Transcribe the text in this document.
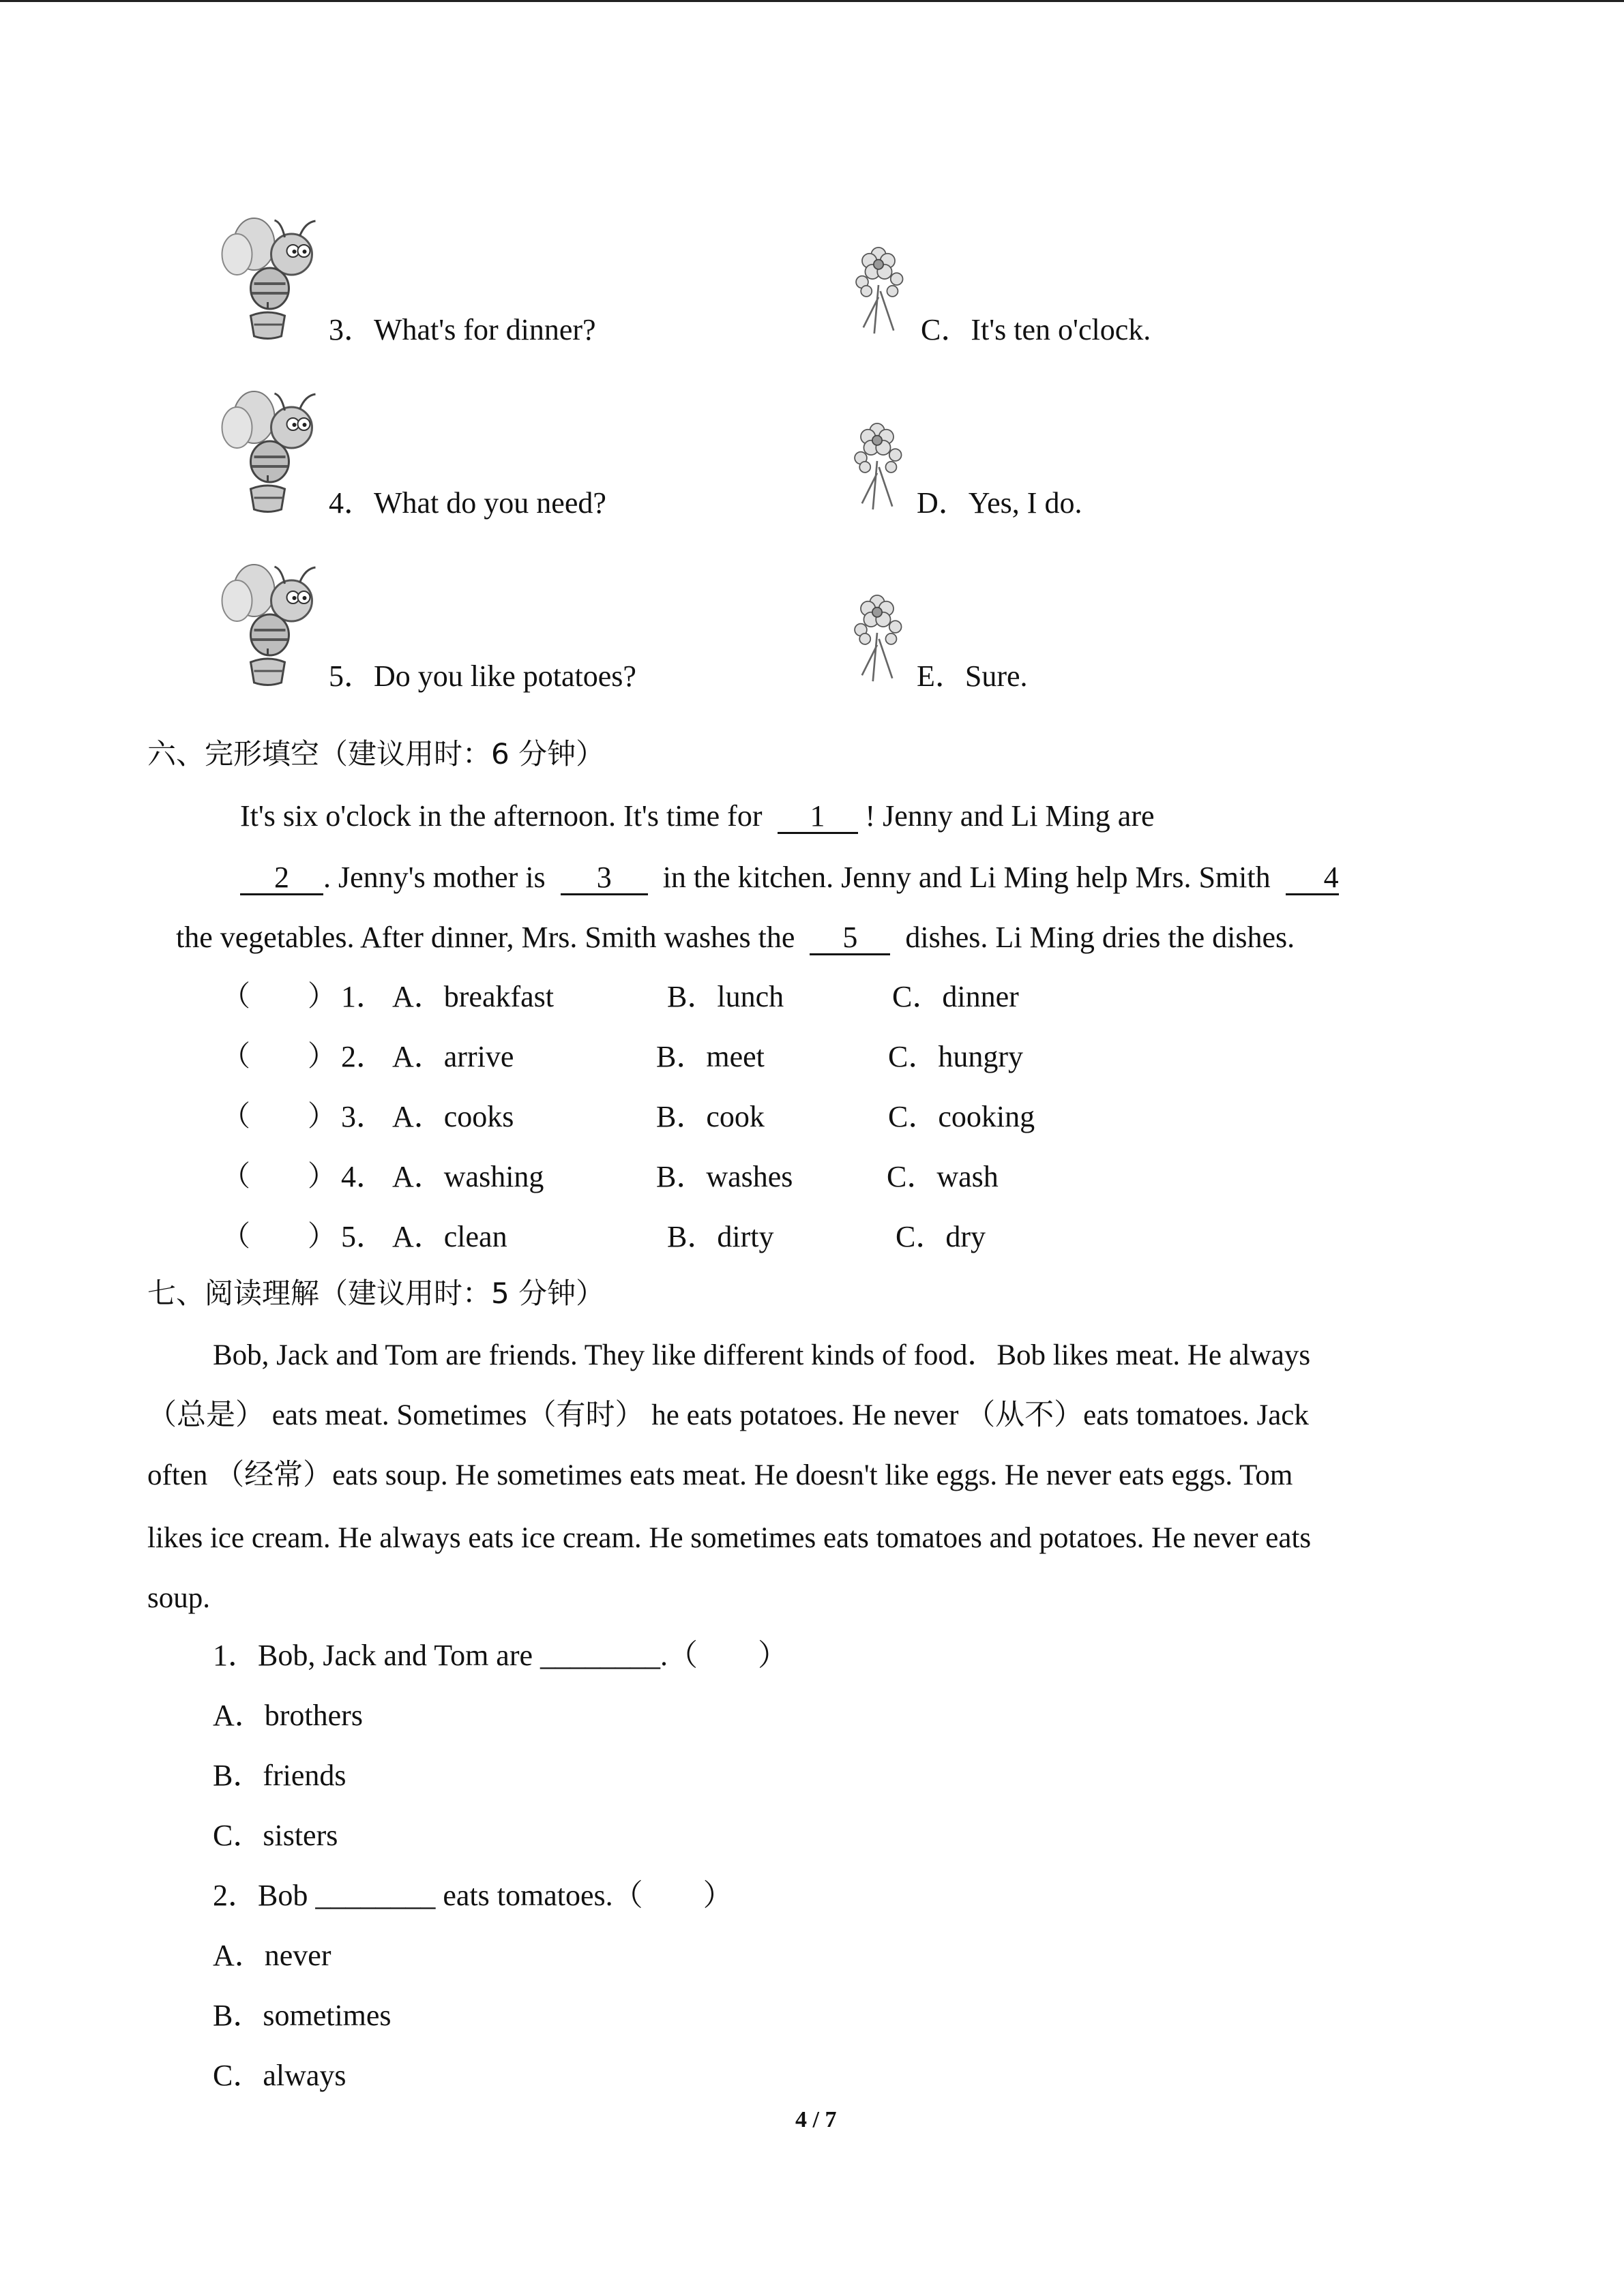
3．What's for dinner?	C．It's ten o'clock.
4．What do you need?	D．Yes, I do.
5．Do you like potatoes?	E．Sure.
六、完形填空（建议用时：6 分钟）
It's six o'clock in the afternoon. It's time for 1 ! Jenny and Li Ming are
2 . Jenny's mother is 3 in the kitchen. Jenny and Li Ming help Mrs. Smith 4
the vegetables. After dinner, Mrs. Smith washes the 5 dishes. Li Ming dries the dishes.
（　　） 1． A．breakfast	B．lunch	C．dinner
（　　） 2． A．arrive	B．meet	C．hungry
（　　） 3． A．cooks	B．cook	C．cooking
（　　） 4． A．washing	B．washes	C．wash
（　　） 5． A．clean	B．dirty	C．dry
七、阅读理解（建议用时：5 分钟）
Bob, Jack and Tom are friends. They like different kinds of food．Bob likes meat. He always
（总是） eats meat. Sometimes（有时） he eats potatoes. He never （从不）eats tomatoes. Jack
often （经常）eats soup. He sometimes eats meat. He doesn't like eggs. He never eats eggs. Tom
likes ice cream. He always eats ice cream. He sometimes eats tomatoes and potatoes. He never eats
soup.
1．Bob, Jack and Tom are ________.（　　）
A．brothers
B．friends
C．sisters
2．Bob ________ eats tomatoes.（　　）
A．never
B．sometimes
C．always
4 / 7
